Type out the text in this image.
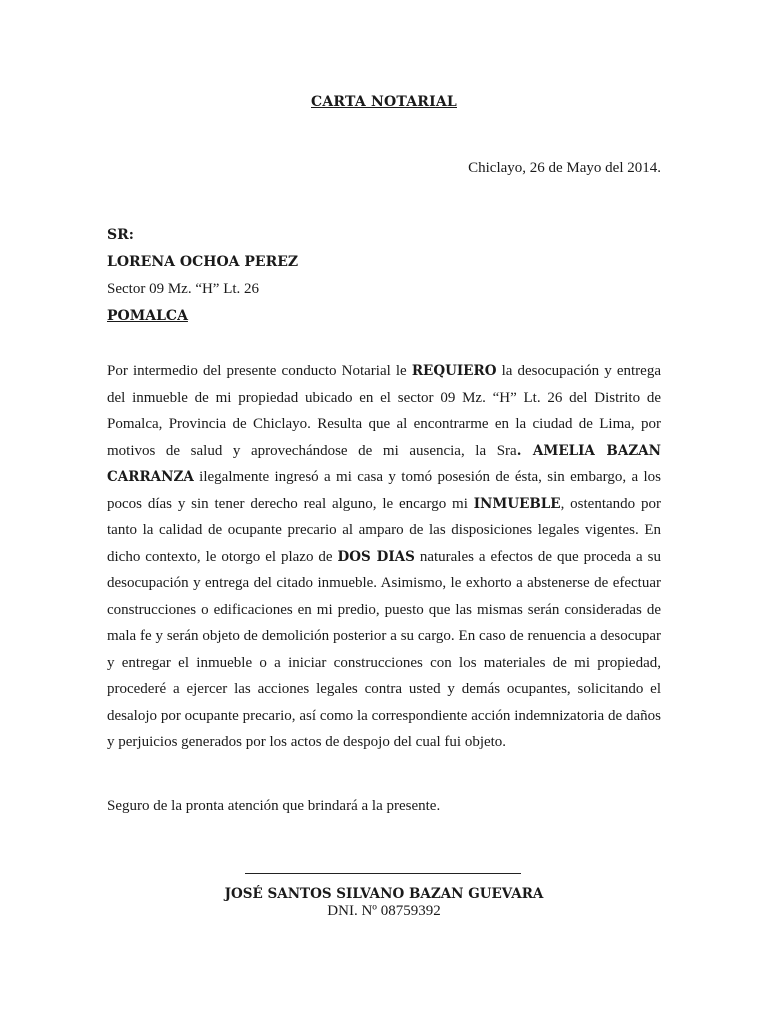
CARTA NOTARIAL
Chiclayo, 26 de Mayo del 2014.
SR:
LORENA OCHOA PEREZ
Sector 09 Mz. “H” Lt. 26
POMALCA
Por intermedio del presente conducto Notarial le REQUIERO la desocupación y entrega del inmueble de mi propiedad ubicado en el sector 09 Mz. “H” Lt. 26 del Distrito de Pomalca, Provincia de Chiclayo. Resulta que al encontrarme en la ciudad de Lima, por motivos de salud y aprovechándose de mi ausencia, la Sra. AMELIA BAZAN CARRANZA ilegalmente ingresó a mi casa y tomó posesión de ésta, sin embargo, a los pocos días y sin tener derecho real alguno, le encargo mi INMUEBLE, ostentando por tanto la calidad de ocupante precario al amparo de las disposiciones legales vigentes. En dicho contexto, le otorgo el plazo de DOS DIAS naturales a efectos de que proceda a su desocupación y entrega del citado inmueble. Asimismo, le exhorto a abstenerse de efectuar construcciones o edificaciones en mi predio, puesto que las mismas serán consideradas de mala fe y serán objeto de demolición posterior a su cargo. En caso de renuencia a desocupar y entregar el inmueble o a iniciar construcciones con los materiales de mi propiedad, procederé a ejercer las acciones legales contra usted y demás ocupantes, solicitando el desalojo por ocupante precario, así como la correspondiente acción indemnizatoria de daños y perjuicios generados por los actos de despojo del cual fui objeto.
Seguro de la pronta atención que brindará a la presente.
JOSÉ SANTOS SILVANO BAZAN GUEVARA
DNI. Nº 08759392
